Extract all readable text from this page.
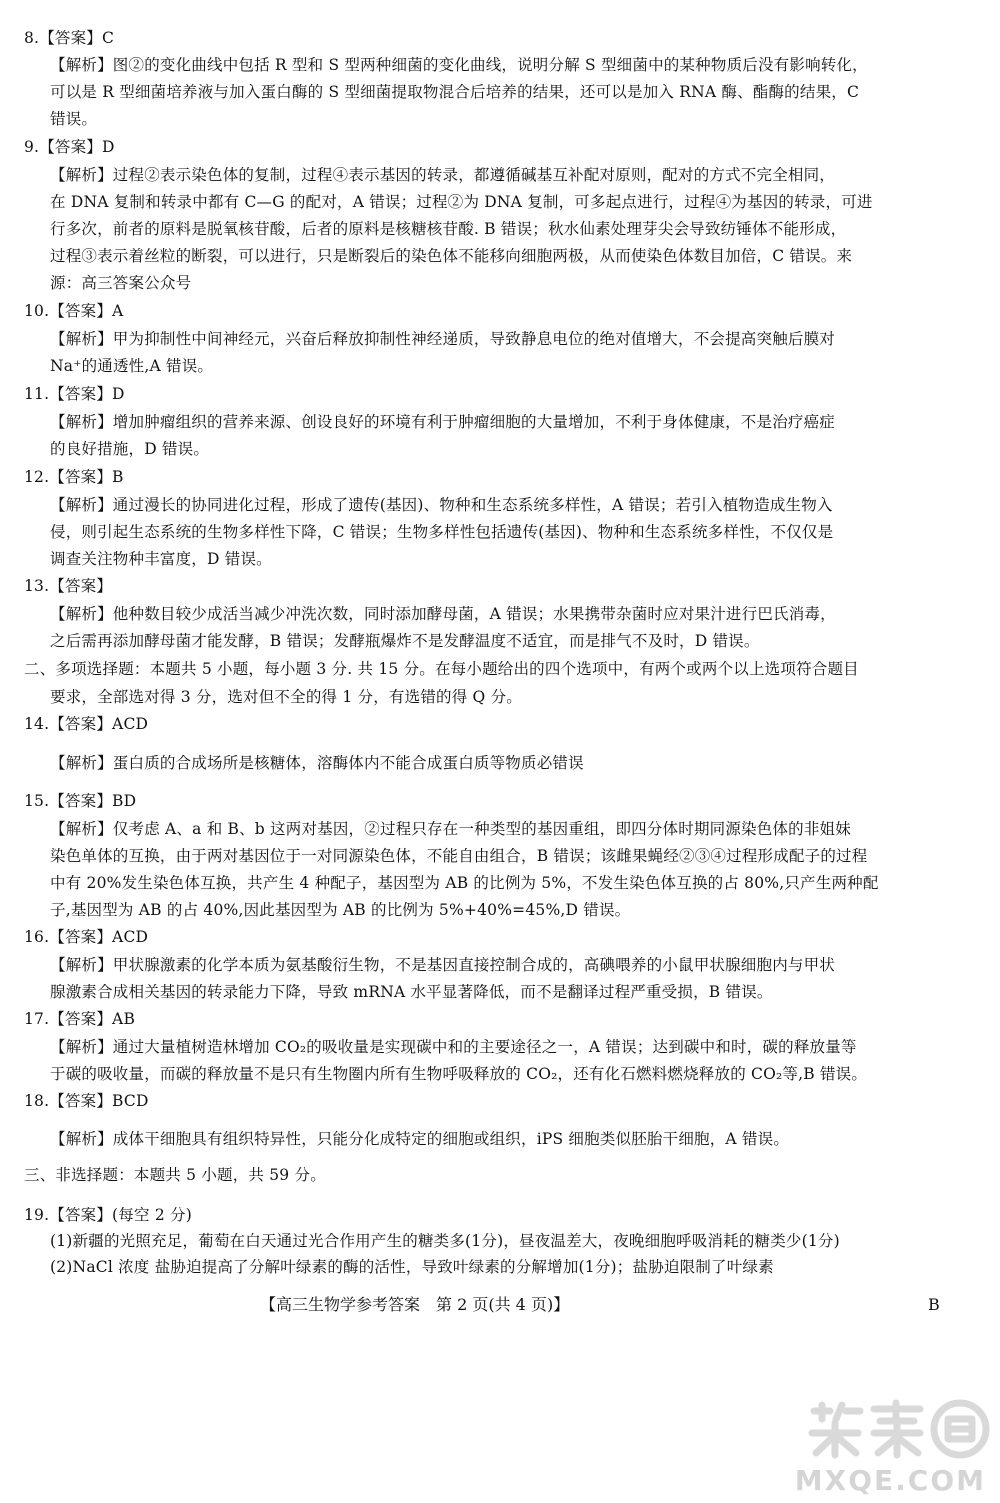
8.【答案】C
【解析】图②的变化曲线中包括 R 型和 S 型两种细菌的变化曲线，说明分解 S 型细菌中的某种物质后没有影响转化，
可以是 R 型细菌培养液与加入蛋白酶的 S 型细菌提取物混合后培养的结果，还可以是加入 RNA 酶、酯酶的结果，C
错误。
9.【答案】D
【解析】过程②表示染色体的复制，过程④表示基因的转录，都遵循碱基互补配对原则，配对的方式不完全相同，
在 DNA 复制和转录中都有 C—G 的配对，A 错误；过程②为 DNA 复制，可多起点进行，过程④为基因的转录，可进
行多次，前者的原料是脱氧核苷酸，后者的原料是核糖核苷酸. B 错误；秋水仙素处理芽尖会导致纺锤体不能形成，
过程③表示着丝粒的断裂，可以进行，只是断裂后的染色体不能移向细胞两极，从而使染色体数目加倍，C 错误。来
源：高三答案公众号
10.【答案】A
【解析】甲为抑制性中间神经元，兴奋后释放抑制性神经递质，导致静息电位的绝对值增大，不会提高突触后膜对
Na⁺的通透性,A 错误。
11.【答案】D
【解析】增加肿瘤组织的营养来源、创设良好的环境有利于肿瘤细胞的大量增加，不利于身体健康，不是治疗癌症
的良好措施，D 错误。
12.【答案】B
【解析】通过漫长的协同进化过程，形成了遗传(基因)、物种和生态系统多样性，A 错误；若引入植物造成生物入
侵，则引起生态系统的生物多样性下降，C 错误；生物多样性包括遗传(基因)、物种和生态系统多样性，不仅仅是
调查关注物种丰富度，D 错误。
13.【答案】
【解析】他种数目较少成活当减少冲洗次数，同时添加酵母菌，A 错误；水果携带杂菌时应对果汁进行巴氏消毒，
之后需再添加酵母菌才能发酵，B 错误；发酵瓶爆炸不是发酵温度不适宜，而是排气不及时，D 错误。
二、多项选择题：本题共 5 小题，每小题 3 分. 共 15 分。在每小题给出的四个选项中，有两个或两个以上选项符合题目
要求，全部选对得 3 分，选对但不全的得 1 分，有选错的得 Q 分。
14.【答案】ACD
【解析】蛋白质的合成场所是核糖体，溶酶体内不能合成蛋白质等物质必错误
15.【答案】BD
【解析】仅考虑 A、a 和 B、b 这两对基因，②过程只存在一种类型的基因重组，即四分体时期同源染色体的非姐妹
染色单体的互换，由于两对基因位于一对同源染色体，不能自由组合，B 错误；该雌果蝇经②③④过程形成配子的过程
中有 20%发生染色体互换，共产生 4 种配子，基因型为 AB 的比例为 5%，不发生染色体互换的占 80%,只产生两种配
子,基因型为 AB 的占 40%,因此基因型为 AB 的比例为 5%+40%=45%,D 错误。
16.【答案】ACD
【解析】甲状腺激素的化学本质为氨基酸衍生物，不是基因直接控制合成的，高碘喂养的小鼠甲状腺细胞内与甲状
腺激素合成相关基因的转录能力下降，导致 mRNA 水平显著降低，而不是翻译过程严重受损，B 错误。
17.【答案】AB
【解析】通过大量植树造林增加 CO₂的吸收量是实现碳中和的主要途径之一，A 错误；达到碳中和时，碳的释放量等
于碳的吸收量，而碳的释放量不是只有生物圈内所有生物呼吸释放的 CO₂，还有化石燃料燃烧释放的 CO₂等,B 错误。
18.【答案】BCD
【解析】成体干细胞具有组织特异性，只能分化成特定的细胞或组织，iPS 细胞类似胚胎干细胞，A 错误。
三、非选择题：本题共 5 小题，共 59 分。
19.【答案】(每空 2 分)
(1)新疆的光照充足，葡萄在白天通过光合作用产生的糖类多(1分)，昼夜温差大，夜晚细胞呼吸消耗的糖类少(1分)
(2)NaCl 浓度 盐胁迫提高了分解叶绿素的酶的活性，导致叶绿素的分解增加(1分)；盐胁迫限制了叶绿素
【高三生物学参考答案　第 2 页(共 4 页)】	B
MXQE.COM
